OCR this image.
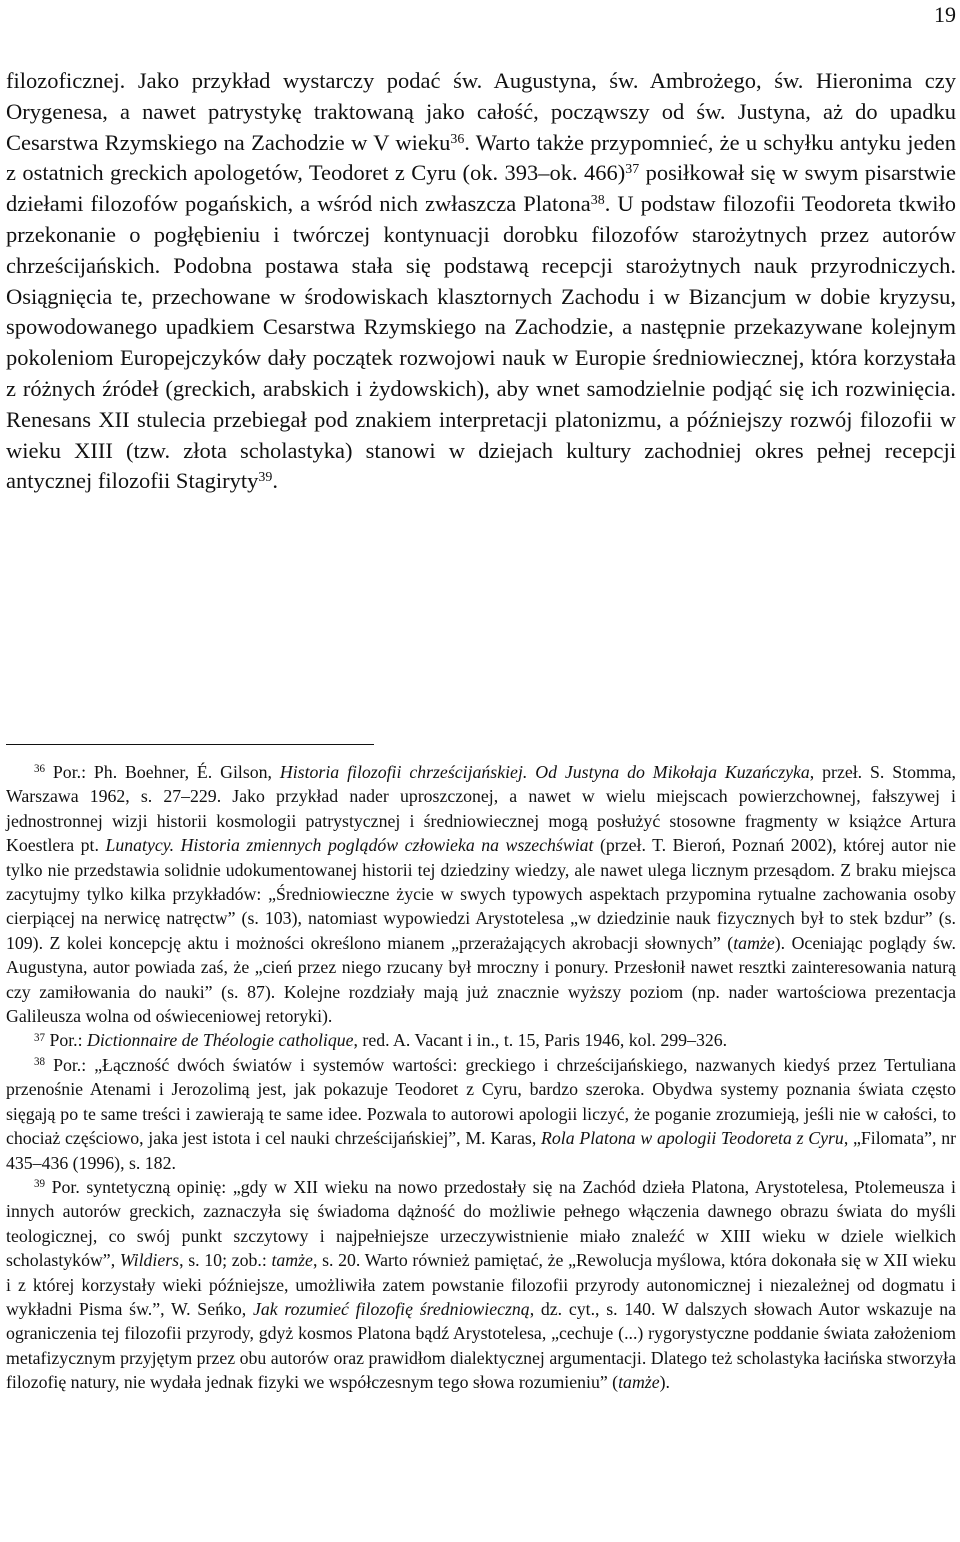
19
filozoficznej. Jako przykład wystarczy podać św. Augustyna, św. Ambrożego, św. Hieronima czy Orygenesa, a nawet patrystykę traktowaną jako całość, począwszy od św. Justyna, aż do upadku Cesarstwa Rzymskiego na Zachodzie w V wieku$^{36}$. Warto także przypomnieć, że u schyłku antyku jeden z ostatnich greckich apologetów, Teodoret z Cyru (ok. 393–ok. 466)$^{37}$ posiłkował się w swym pisarstwie dziełami filozofów pogańskich, a wśród nich zwłaszcza Platona$^{38}$. U podstaw filozofii Teodoreta tkwiło przekonanie o pogłębieniu i twórczej kontynuacji dorobku filozofów starożytnych przez autorów chrześcijańskich. Podobna postawa stała się podstawą recepcji starożytnych nauk przyrodniczych. Osiągnięcia te, przechowane w środowiskach klasztornych Zachodu i w Bizancjum w dobie kryzysu, spowodowanego upadkiem Cesarstwa Rzymskiego na Zachodzie, a następnie przekazywane kolejnym pokoleniom Europejczyków dały początek rozwojowi nauk w Europie średniowiecznej, która korzystała z różnych źródeł (greckich, arabskich i żydowskich), aby wnet samodzielnie podjąć się ich rozwinięcia. Renesans XII stulecia przebiegał pod znakiem interpretacji platonizmu, a późniejszy rozwój filozofii w wieku XIII (tzw. złota scholastyka) stanowi w dziejach kultury zachodniej okres pełnej recepcji antycznej filozofii Stagiryty$^{39}$.

$^{36}$ Por.: Ph. Boehner, É. Gilson, Historia filozofii chrześcijańskiej. Od Justyna do Mikołaja Kuzańczyka, przeł. S. Stomma, Warszawa 1962, s. 27–229. Jako przykład nader uproszczonej, a nawet w wielu miejscach powierzchownej, fałszywej i jednostronnej wizji historii kosmologii patrystycznej i średniowiecznej mogą posłużyć stosowne fragmenty w książce Artura Koestlera pt. Lunatycy. Historia zmiennych poglądów człowieka na wszechświat (przeł. T. Bieroń, Poznań 2002), której autor nie tylko nie przedstawia solidnie udokumentowanej historii tej dziedziny wiedzy, ale nawet ulega licznym przesądom. Z braku miejsca zacytujmy tylko kilka przykładów: „Średniowieczne życie w swych typowych aspektach przypomina rytualne zachowania osoby cierpiącej na nerwicę natręctw” (s. 103), natomiast wypowiedzi Arystotelesa „w dziedzinie nauk fizycznych był to stek bzdur” (s. 109). Z kolei koncepcję aktu i możności określono mianem „przerażających akrobacji słownych” (tamże). Oceniając poglądy św. Augustyna, autor powiada zaś, że „cień przez niego rzucany był mroczny i ponury. Przesłonił nawet resztki zainteresowania naturą czy zamiłowania do nauki” (s. 87). Kolejne rozdziały mają już znacznie wyższy poziom (np. nader wartościowa prezentacja Galileusza wolna od oświeceniowej retoryki).

$^{37}$ Por.: Dictionnaire de Théologie catholique, red. A. Vacant i in., t. 15, Paris 1946, kol. 299–326.

$^{38}$ Por.: „Łączność dwóch światów i systemów wartości: greckiego i chrześcijańskiego, nazwanych kiedyś przez Tertuliana przenośnie Atenami i Jerozolimą jest, jak pokazuje Teodoret z Cyru, bardzo szeroka. Obydwa systemy poznania świata często sięgają po te same treści i zawierają te same idee. Pozwala to autorowi apologii liczyć, że poganie zrozumieją, jeśli nie w całości, to chociaż częściowo, jaka jest istota i cel nauki chrześcijańskiej”, M. Karas, Rola Platona w apologii Teodoreta z Cyru, „Filomata”, nr 435–436 (1996), s. 182.

$^{39}$ Por. syntetyczną opinię: „gdy w XII wieku na nowo przedostały się na Zachód dzieła Platona, Arystotelesa, Ptolemeusza i innych autorów greckich, zaznaczyła się świadoma dążność do możliwie pełnego włączenia dawnego obrazu świata do myśli teologicznej, co swój punkt szczytowy i najpełniejsze urzeczywistnienie miało znaleźć w XIII wieku w dziele wielkich scholastyków”, Wildiers, s. 10; zob.: tamże, s. 20. Warto również pamiętać, że „Rewolucja myślowa, która dokonała się w XII wieku i z której korzystały wieki późniejsze, umożliwiła zatem powstanie filozofii przyrody autonomicznej i niezależnej od dogmatu i wykładni Pisma św.”, W. Seńko, Jak rozumieć filozofię średniowieczną, dz. cyt., s. 140. W dalszych słowach Autor wskazuje na ograniczenia tej filozofii przyrody, gdyż kosmos Platona bądź Arystotelesa, „cechuje (...) rygorystyczne poddanie świata założeniom metafizycznym przyjętym przez obu autorów oraz prawidłom dialektycznej argumentacji. Dlatego też scholastyka łacińska stworzyła filozofię natury, nie wydała jednak fizyki we współczesnym tego słowa rozumieniu” (tamże).
